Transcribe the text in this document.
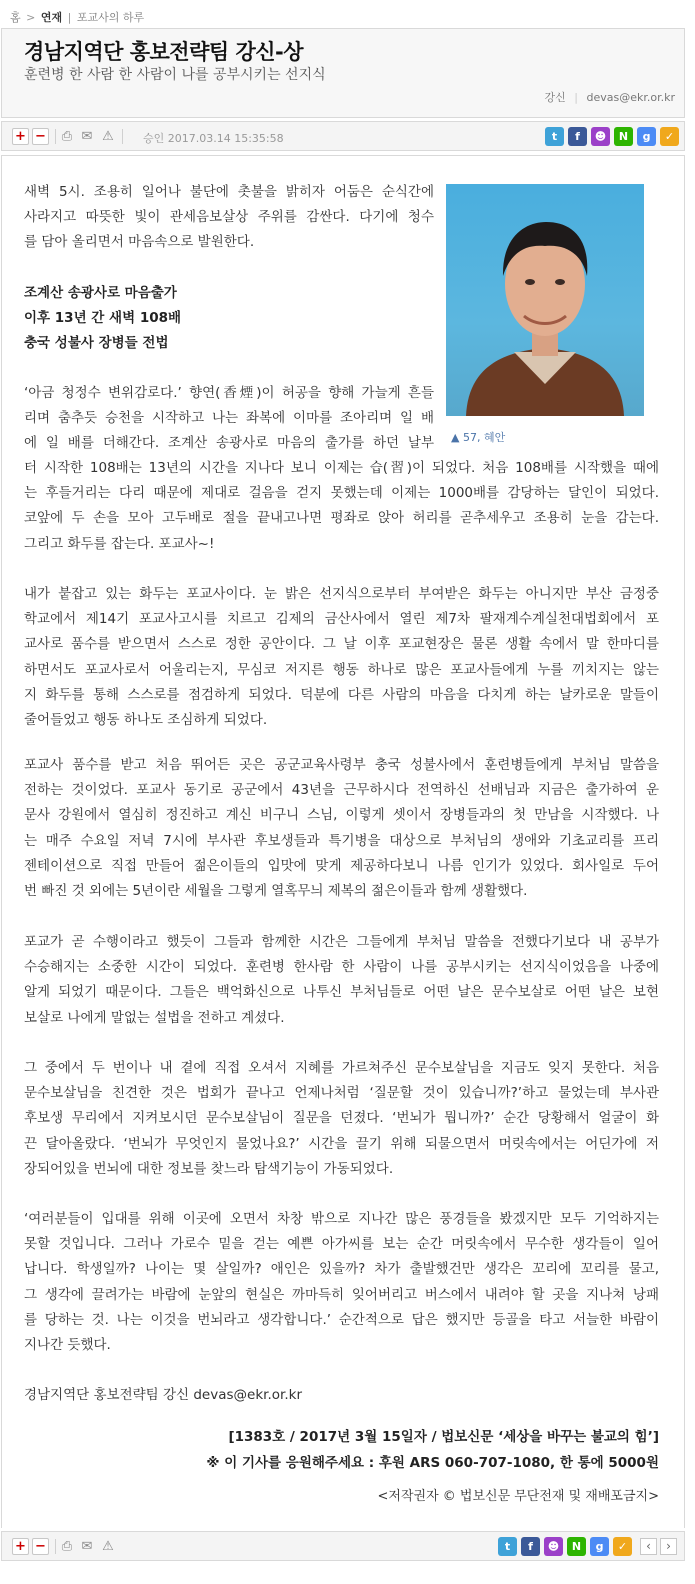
홈 > 연재 | 포교사의 하루
경남지역단 홍보전략팀 강신-상
훈련병 한 사람 한 사람이 나를 공부시키는 선지식
강신 | devas@ekr.or.kr
+ − ⎙ ✉ ⚠	승인 2017.03.14 15:35:58	t	f	☻	N	g	✓
▲ 57, 혜안
새벽 5시. 조용히 일어나 불단에 촛불을 밝히자 어둠은 순식간에
사라지고 따뜻한 빛이 관세음보살상 주위를 감싼다. 다기에 청수
를 담아 올리면서 마음속으로 발원한다.
조계산 송광사로 마음출가
이후 13년 간 새벽 108배
충국 성불사 장병들 전법
‘아금 청정수 변위감로다.’ 향연(香煙)이 허공을 향해 가늘게 흔들
리며 춤추듯 승천을 시작하고 나는 좌복에 이마를 조아리며 일 배
에 일 배를 더해간다. 조계산 송광사로 마음의 출가를 하던 날부
터 시작한 108배는 13년의 시간을 지나다 보니 이제는 습(習)이 되었다. 처음 108배를 시작했을 때에
는 후들거리는 다리 때문에 제대로 걸음을 걷지 못했는데 이제는 1000배를 감당하는 달인이 되었다.
코앞에 두 손을 모아 고두배로 절을 끝내고나면 평좌로 앉아 허리를 곧추세우고 조용히 눈을 감는다.
그리고 화두를 잡는다. 포교사~!
내가 붙잡고 있는 화두는 포교사이다. 눈 밝은 선지식으로부터 부여받은 화두는 아니지만 부산 금정중
학교에서 제14기 포교사고시를 치르고 김제의 금산사에서 열린 제7차 팔재계수계실천대법회에서 포
교사로 품수를 받으면서 스스로 정한 공안이다. 그 날 이후 포교현장은 물론 생활 속에서 말 한마디를
하면서도 포교사로서 어울리는지, 무심코 저지른 행동 하나로 많은 포교사들에게 누를 끼치지는 않는
지 화두를 통해 스스로를 점검하게 되었다. 덕분에 다른 사람의 마음을 다치게 하는 날카로운 말들이
줄어들었고 행동 하나도 조심하게 되었다.
포교사 품수를 받고 처음 뛰어든 곳은 공군교육사령부 충국 성불사에서 훈련병들에게 부처님 말씀을
전하는 것이었다. 포교사 동기로 공군에서 43년을 근무하시다 전역하신 선배님과 지금은 출가하여 운
문사 강원에서 열심히 정진하고 계신 비구니 스님, 이렇게 셋이서 장병들과의 첫 만남을 시작했다. 나
는 매주 수요일 저녁 7시에 부사관 후보생들과 특기병을 대상으로 부처님의 생애와 기초교리를 프리
젠테이션으로 직접 만들어 젊은이들의 입맛에 맞게 제공하다보니 나름 인기가 있었다. 회사일로 두어
번 빠진 것 외에는 5년이란 세월을 그렇게 열혹무늬 제복의 젊은이들과 함께 생활했다.
포교가 곧 수행이라고 했듯이 그들과 함께한 시간은 그들에게 부처님 말씀을 전했다기보다 내 공부가
수승해지는 소중한 시간이 되었다. 훈련병 한사람 한 사람이 나를 공부시키는 선지식이었음을 나중에
알게 되었기 때문이다. 그들은 백억화신으로 나투신 부처님들로 어떤 날은 문수보살로 어떤 날은 보현
보살로 나에게 말없는 설법을 전하고 계셨다.
그 중에서 두 번이나 내 곁에 직접 오셔서 지혜를 가르쳐주신 문수보살님을 지금도 잊지 못한다. 처음
문수보살님을 친견한 것은 법회가 끝나고 언제나처럼 ‘질문할 것이 있습니까?’하고 물었는데 부사관
후보생 무리에서 지켜보시던 문수보살님이 질문을 던졌다. ‘번뇌가 뭡니까?’ 순간 당황해서 얼굴이 화
끈 달아올랐다. ‘번뇌가 무엇인지 물었나요?’ 시간을 끌기 위해 되물으면서 머릿속에서는 어딘가에 저
장되어있을 번뇌에 대한 정보를 찾느라 탐색기능이 가동되었다.
‘여러분들이 입대를 위해 이곳에 오면서 차창 밖으로 지나간 많은 풍경들을 봤겠지만 모두 기억하지는
못할 것입니다. 그러나 가로수 밑을 걷는 예쁜 아가씨를 보는 순간 머릿속에서 무수한 생각들이 일어
납니다. 학생일까? 나이는 몇 살일까? 애인은 있을까? 차가 출발했건만 생각은 꼬리에 꼬리를 물고,
그 생각에 끌려가는 바람에 눈앞의 현실은 까마득히 잊어버리고 버스에서 내려야 할 곳을 지나쳐 낭패
를 당하는 것. 나는 이것을 번뇌라고 생각합니다.’ 순간적으로 답은 했지만 등골을 타고 서늘한 바람이
지나간 듯했다.
경남지역단 홍보전략팀 강신 devas@ekr.or.kr
[1383호 / 2017년 3월 15일자 / 법보신문 ‘세상을 바꾸는 불교의 힘’]
※ 이 기사를 응원해주세요 : 후원 ARS 060-707-1080, 한 통에 5000원
<저작권자 © 법보신문 무단전재 및 재배포금지>
+ − ⎙ ✉ ⚠	t	f	☻	N	g	✓	‹	›
